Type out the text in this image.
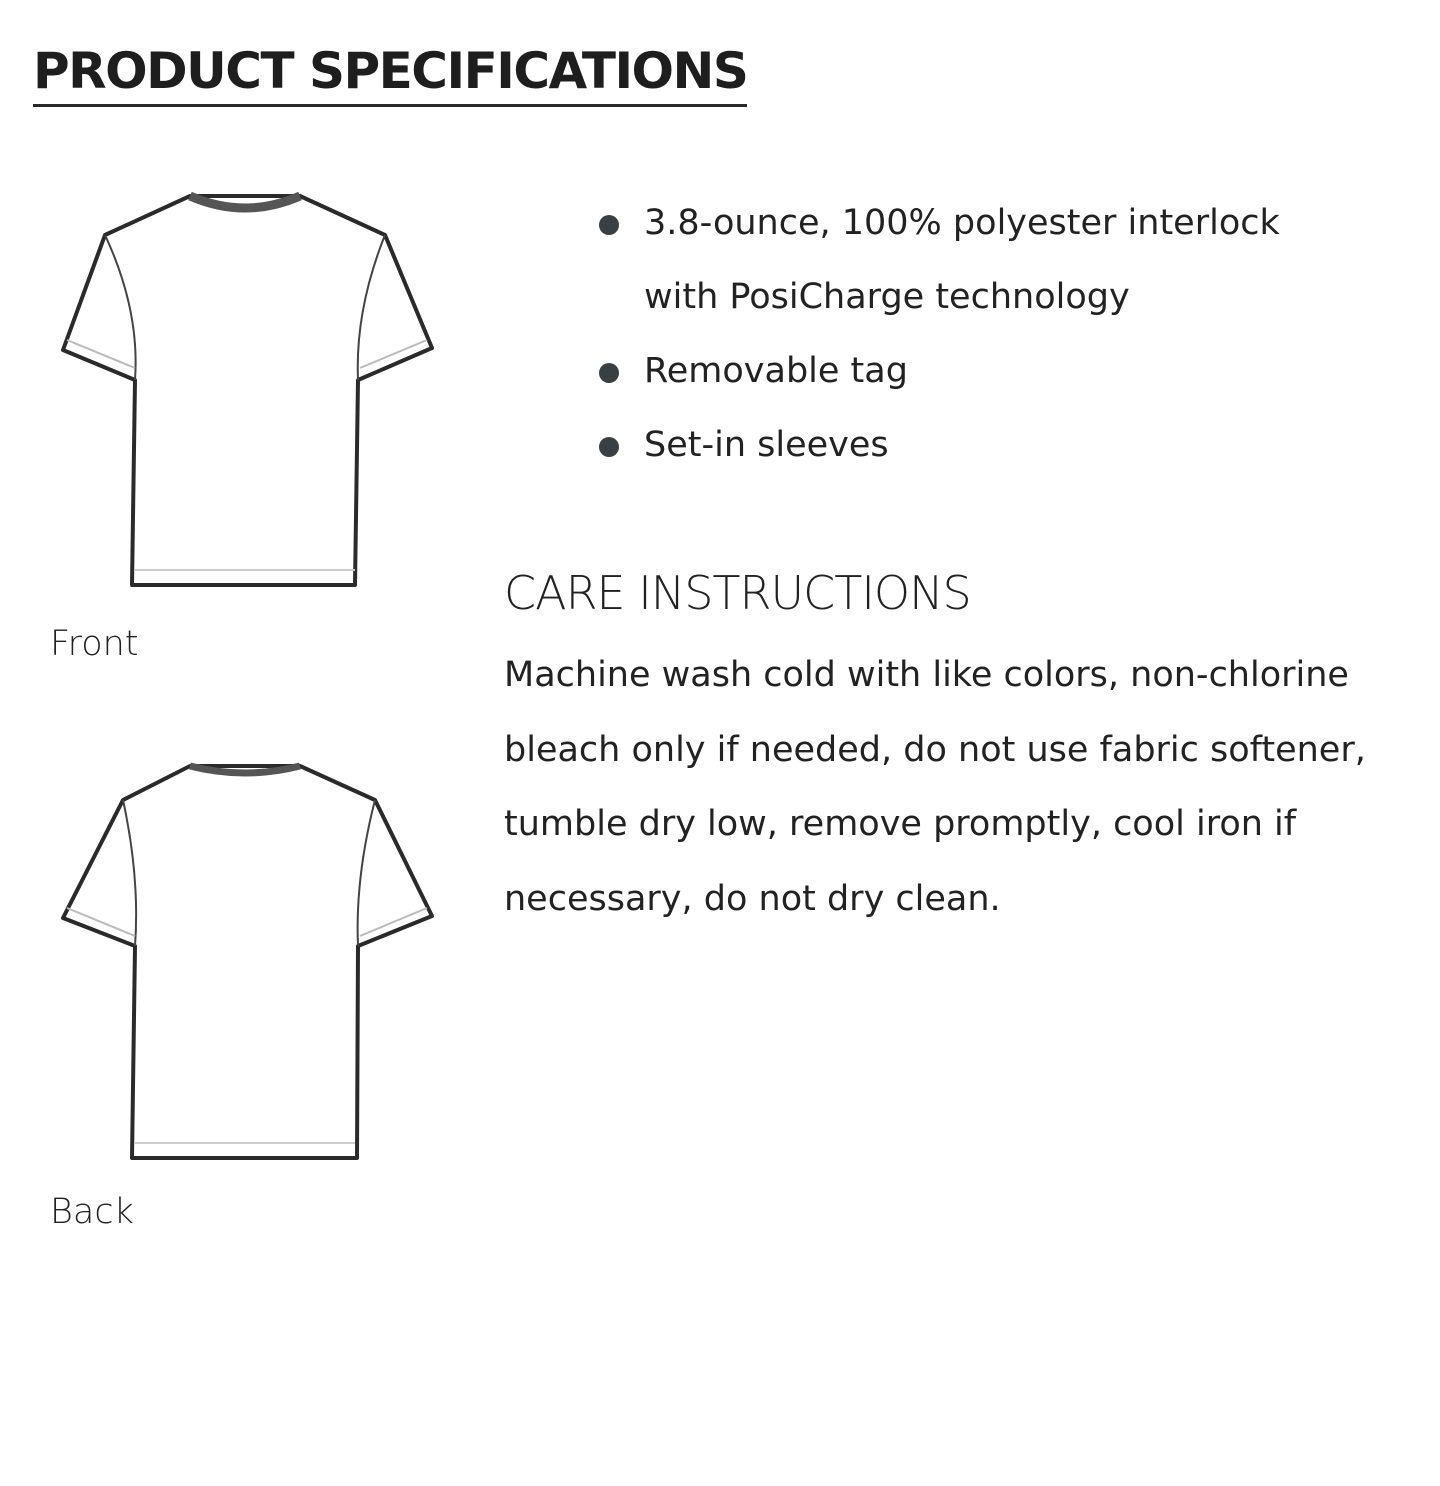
PRODUCT SPECIFICATIONS
Front
Back
3.8-ounce, 100% polyester interlock with PosiCharge technology
Removable tag
Set-in sleeves
CARE INSTRUCTIONS
Machine wash cold with like colors, non-chlorine bleach only if needed, do not use fabric softener, tumble dry low, remove promptly, cool iron if necessary, do not dry clean.
